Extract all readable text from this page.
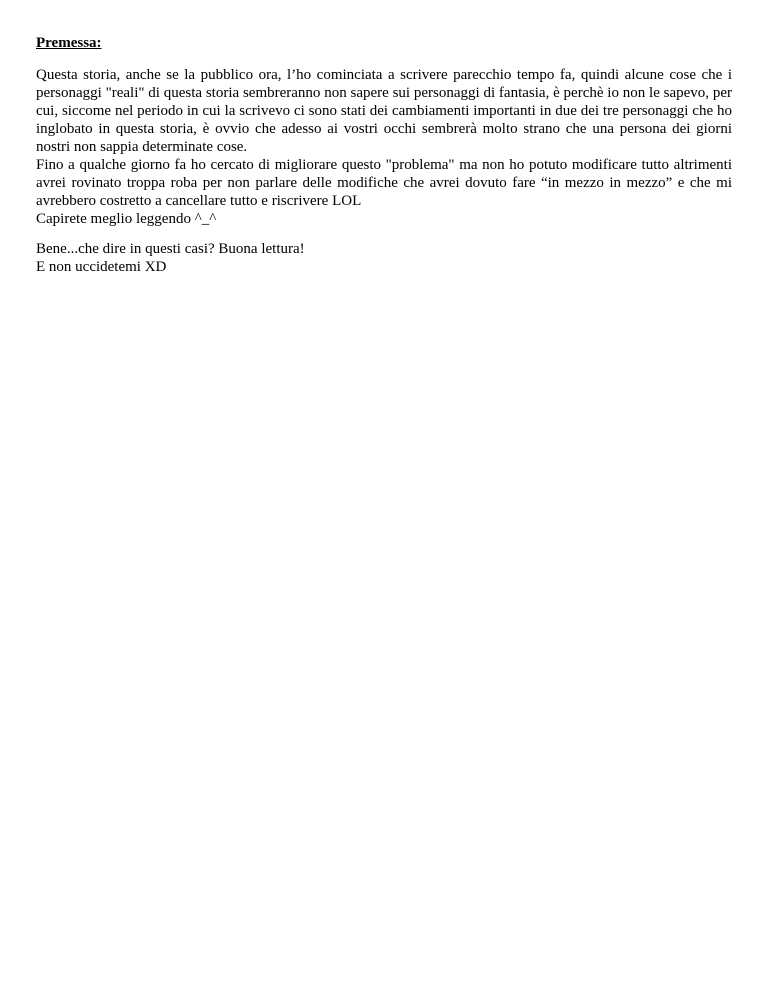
Premessa:

Questa storia, anche se la pubblico ora, l’ho cominciata a scrivere parecchio tempo fa, quindi alcune cose che i personaggi "reali" di questa storia sembreranno non sapere sui personaggi di fantasia, è perchè io non le sapevo, per cui, siccome nel periodo in cui la scrivevo ci sono stati dei cambiamenti importanti in due dei tre personaggi che ho inglobato in questa storia, è ovvio che adesso ai vostri occhi sembrerà molto strano che una persona dei giorni nostri non sappia determinate cose.

Fino a qualche giorno fa ho cercato di migliorare questo "problema" ma non ho potuto modificare tutto altrimenti avrei rovinato troppa roba per non parlare delle modifiche che avrei dovuto fare “in mezzo in mezzo” e che mi avrebbero costretto a cancellare tutto e riscrivere LOL

Capirete meglio leggendo ^_^

Bene...che dire in questi casi? Buona lettura!

E non uccidetemi XD
